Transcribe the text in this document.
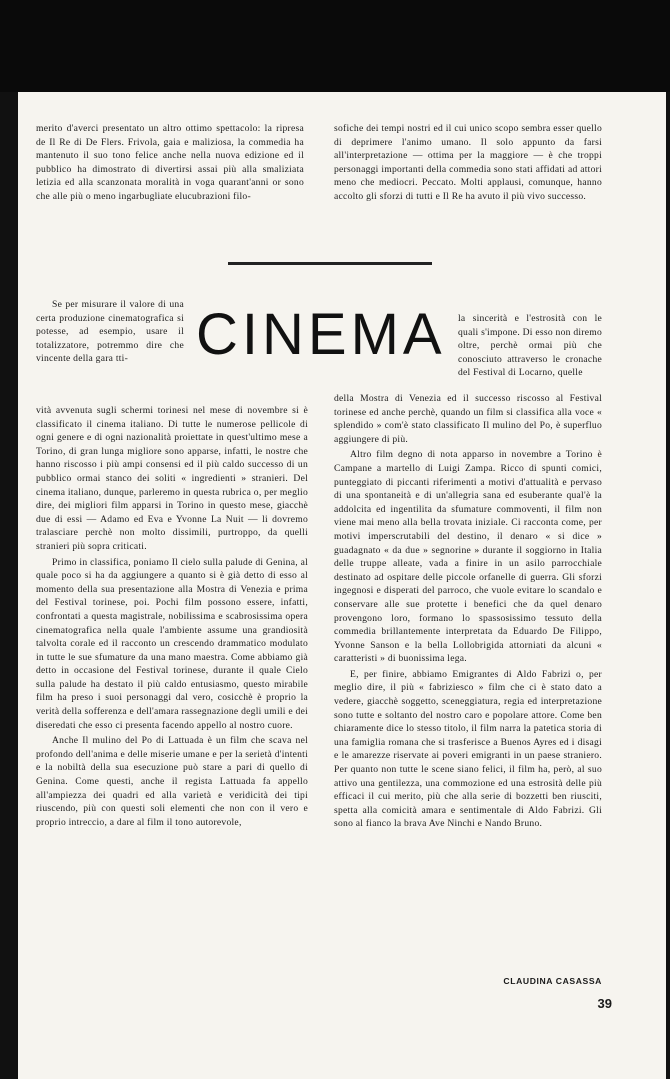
merito d'averci presentato un altro ottimo spettacolo: la ripresa de Il Re di De Flers. Frivola, gaia e maliziosa, la commedia ha mantenuto il suo tono felice anche nella nuova edizione ed il pubblico ha dimostrato di divertirsi assai più alla smaliziata letizia ed alla scanzonata moralità in voga quarant'anni or sono che alle più o meno ingarbugliate elucubrazioni filo-

sofiche dei tempi nostri ed il cui unico scopo sembra esser quello di deprimere l'animo umano. Il solo appunto da farsi all'interpretazione — ottima per la maggiore — è che troppi personaggi importanti della commedia sono stati affidati ad attori meno che mediocri. Peccato. Molti applausi, comunque, hanno accolto gli sforzi di tutti e Il Re ha avuto il più vivo successo.

CINEMA

Se per misurare il valore di una certa produzione cinematografica si potesse, ad esempio, usare il totalizzatore, potremmo dire che vincente della gara tti-

vità avvenuta sugli schermi torinesi nel mese di novembre si è classificato il cinema italiano. Di tutte le numerose pellicole di ogni genere e di ogni nazionalità proiettate in quest'ultimo mese a Torino, di gran lunga migliore sono apparse, infatti, le nostre che hanno riscosso i più ampi consensi ed il più caldo successo di un pubblico ormai stanco dei soliti « ingredienti » stranieri. Del cinema italiano, dunque, parleremo in questa rubrica o, per meglio dire, dei migliori film apparsi in Torino in questo mese, giacchè due di essi — Adamo ed Eva e Yvonne La Nuit — li dovremo tralasciare perchè non molto dissimili, purtroppo, da quelli stranieri più sopra criticati.

Primo in classifica, poniamo Il cielo sulla palude di Genina, al quale poco si ha da aggiungere a quanto si è già detto di esso al momento della sua presentazione alla Mostra di Venezia e prima del Festival torinese, poi. Pochi film possono essere, infatti, confrontati a questa magistrale, nobilissima e scabrosissima opera cinematografica nella quale l'ambiente assume una grandiosità talvolta corale ed il racconto un crescendo drammatico modulato in tutte le sue sfumature da una mano maestra. Come abbiamo già detto in occasione del Festival torinese, durante il quale Cielo sulla palude ha destato il più caldo entusiasmo, questo mirabile film ha preso i suoi personaggi dal vero, cosicchè è proprio la verità della sofferenza e dell'amara rassegnazione degli umili e dei diseredati che esso ci presenta facendo appello al nostro cuore.

Anche Il mulino del Po di Lattuada è un film che scava nel profondo dell'anima e delle miserie umane e per la serietà d'intenti e la nobiltà della sua esecuzione può stare a pari di quello di Genina. Come questi, anche il regista Lattuada fa appello all'ampiezza dei quadri ed alla varietà e veridicità dei tipi riuscendo, più con questi soli elementi che non con il vero e proprio intreccio, a dare al film il tono autorevole,

la sincerità e l'estrosità con le quali s'impone. Di esso non diremo oltre, perchè ormai più che conosciuto attraverso le cronache del Festival di Locarno, quelle

della Mostra di Venezia ed il successo riscosso al Festival torinese ed anche perchè, quando un film si classifica alla voce « splendido » com'è stato classificato Il mulino del Po, è superfluo aggiungere di più.

Altro film degno di nota apparso in novembre a Torino è Campane a martello di Luigi Zampa. Ricco di spunti comici, punteggiato di piccanti riferimenti a motivi d'attualità e pervaso di una spontaneità e di un'allegria sana ed esuberante qual'è la addolcita ed ingentilita da sfumature commoventi, il film non viene mai meno alla bella trovata iniziale. Ci racconta come, per motivi imperscrutabili del destino, il denaro « si dice » guadagnato « da due » segnorine » durante il soggiorno in Italia delle truppe alleate, vada a finire in un asilo parrocchiale destinato ad ospitare delle piccole orfanelle di guerra. Gli sforzi ingegnosi e disperati del parroco, che vuole evitare lo scandalo e conservare alle sue protette i benefici che da quel denaro provengono loro, formano lo spassosissimo tessuto della commedia brillantemente interpretata da Eduardo De Filippo, Yvonne Sanson e la bella Lollobrigida attorniati da alcuni « caratteristi » di buonissima lega.

E, per finire, abbiamo Emigrantes di Aldo Fabrizi o, per meglio dire, il più « fabriziesco » film che ci è stato dato a vedere, giacchè soggetto, sceneggiatura, regia ed interpretazione sono tutte e soltanto del nostro caro e popolare attore. Come ben chiaramente dice lo stesso titolo, il film narra la patetica storia di una famiglia romana che si trasferisce a Buenos Ayres ed i disagi e le amarezze riservate ai poveri emigranti in un paese straniero. Per quanto non tutte le scene siano felici, il film ha, però, al suo attivo una gentilezza, una commozione ed una estrosità delle più efficaci il cui merito, più che alla serie di bozzetti ben riusciti, spetta alla comicità amara e sentimentale di Aldo Fabrizi. Gli sono al fianco la brava Ave Ninchi e Nando Bruno.

CLAUDINA CASASSA
39
